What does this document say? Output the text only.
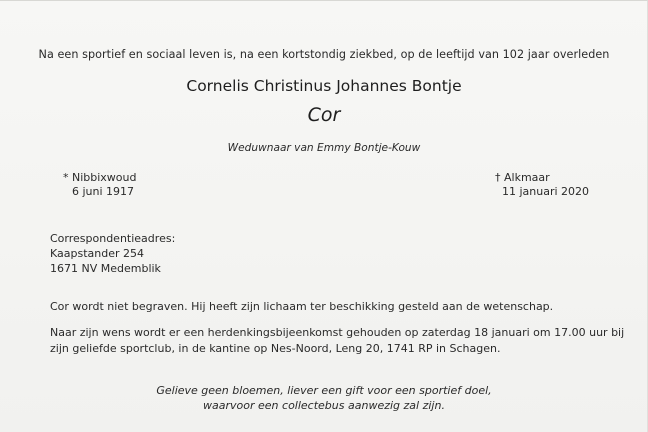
Na een sportief en sociaal leven is, na een kortstondig ziekbed, op de leeftijd van 102 jaar overleden
Cornelis Christinus Johannes Bontje
Cor
Weduwnaar van Emmy Bontje-Kouw
* Nibbixwoud
6 juni 1917
† Alkmaar
11 januari 2020
Correspondentieadres:
Kaapstander 254
1671 NV Medemblik
Cor wordt niet begraven. Hij heeft zijn lichaam ter beschikking gesteld aan de wetenschap.
Naar zijn wens wordt er een herdenkingsbijeenkomst gehouden op zaterdag 18 januari om 17.00 uur bij
zijn geliefde sportclub, in de kantine op Nes-Noord, Leng 20, 1741 RP in Schagen.
Gelieve geen bloemen, liever een gift voor een sportief doel,
waarvoor een collectebus aanwezig zal zijn.
